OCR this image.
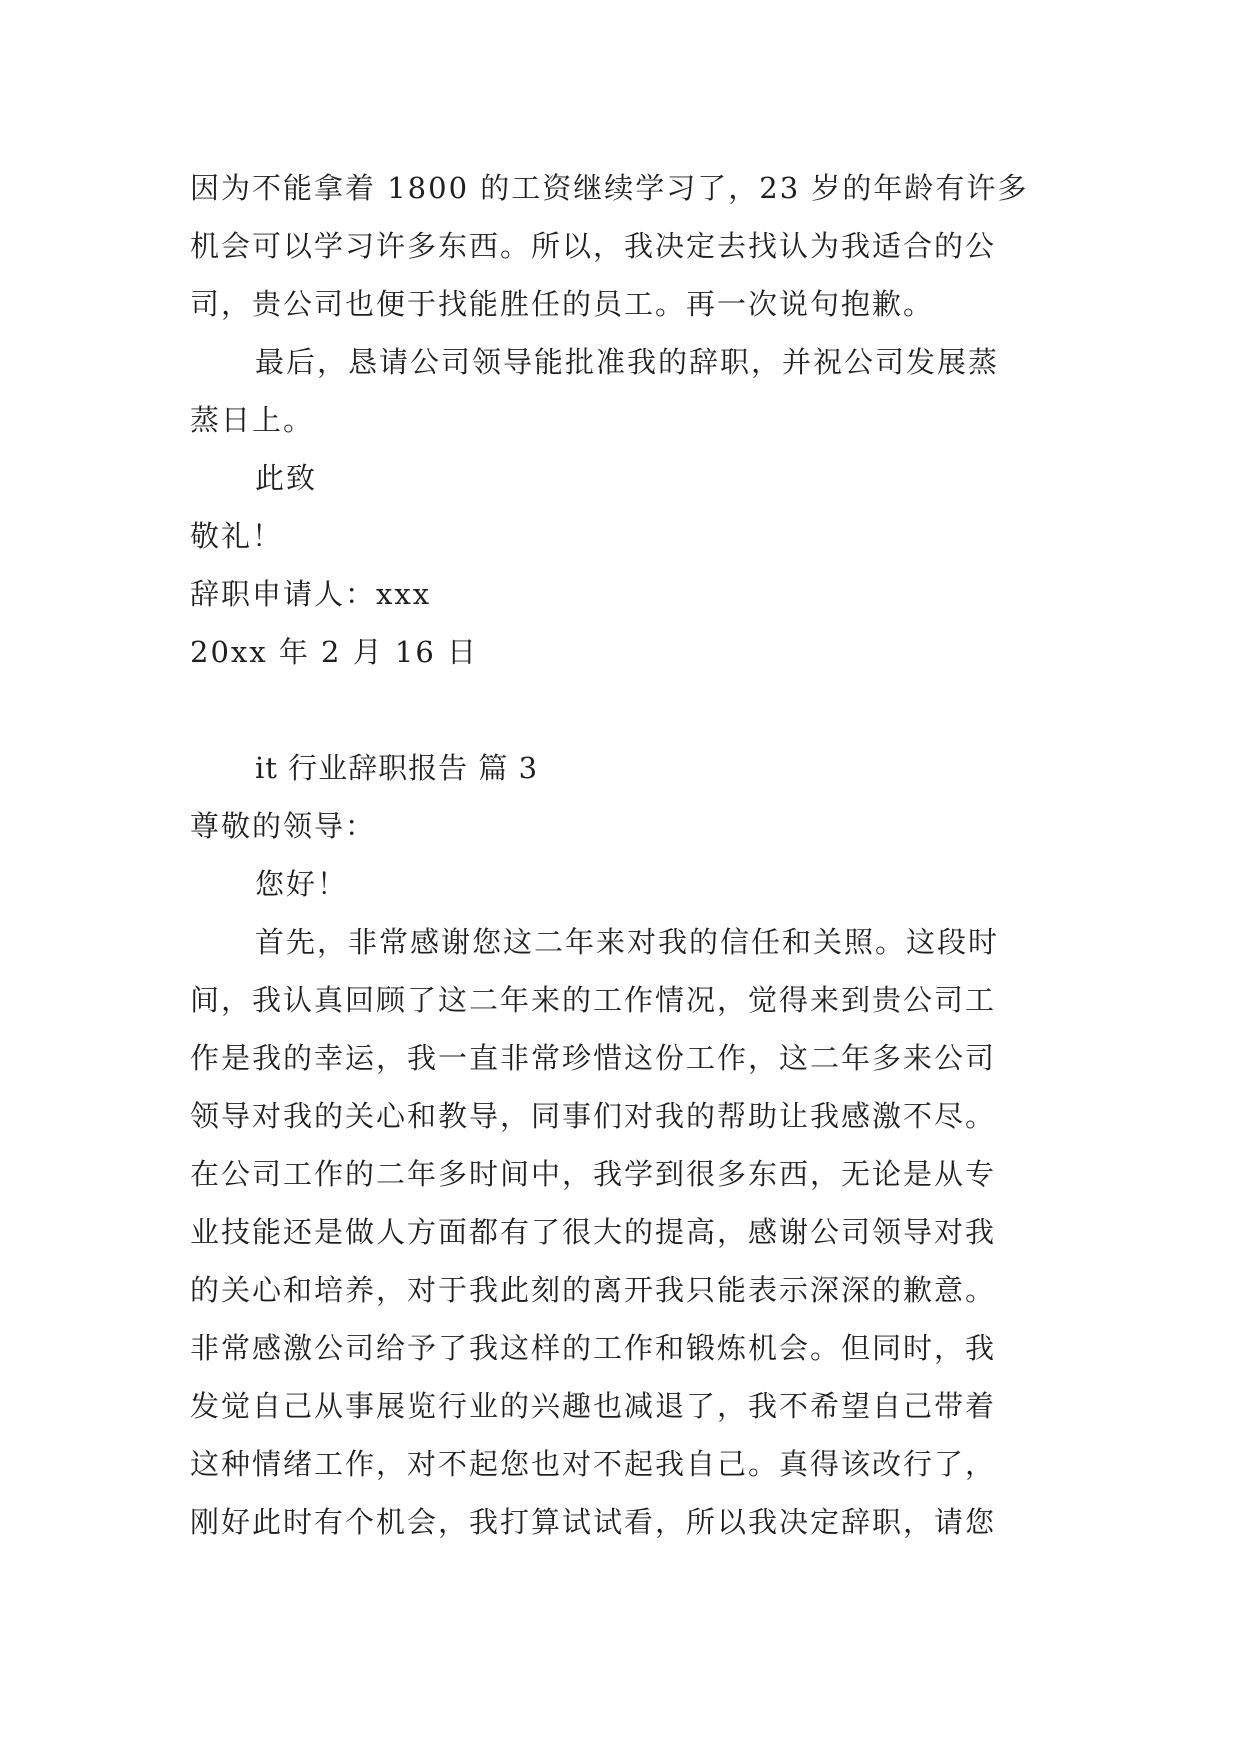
因为不能拿着 1800 的工资继续学习了，23 岁的年龄有许多
机会可以学习许多东西。所以，我决定去找认为我适合的公
司，贵公司也便于找能胜任的员工。再一次说句抱歉。
最后，恳请公司领导能批准我的辞职，并祝公司发展蒸
蒸日上。
此致
敬礼！
辞职申请人：xxx
20xx 年 2 月 16 日
it 行业辞职报告 篇 3
尊敬的领导：
您好！
首先，非常感谢您这二年来对我的信任和关照。这段时
间，我认真回顾了这二年来的工作情况，觉得来到贵公司工
作是我的幸运，我一直非常珍惜这份工作，这二年多来公司
领导对我的关心和教导，同事们对我的帮助让我感激不尽。
在公司工作的二年多时间中，我学到很多东西，无论是从专
业技能还是做人方面都有了很大的提高，感谢公司领导对我
的关心和培养，对于我此刻的离开我只能表示深深的歉意。
非常感激公司给予了我这样的工作和锻炼机会。但同时，我
发觉自己从事展览行业的兴趣也减退了，我不希望自己带着
这种情绪工作，对不起您也对不起我自己。真得该改行了，
刚好此时有个机会，我打算试试看，所以我决定辞职，请您
